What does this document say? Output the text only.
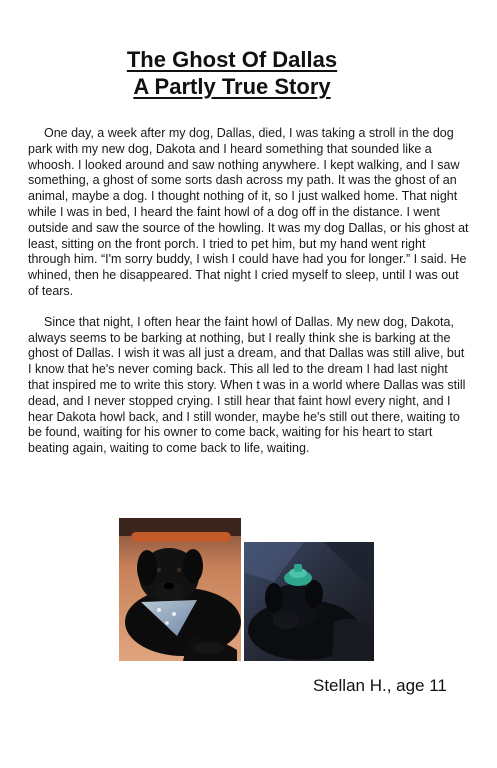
The Ghost Of Dallas
A Partly True Story

One day, a week after my dog, Dallas, died, I was taking a stroll in the dog park with my new dog, Dakota and I heard something that sounded like a whoosh. I looked around and saw nothing anywhere. I kept walking, and I saw something, a ghost of some sorts dash across my path. It was the ghost of an animal, maybe a dog. I thought nothing of it, so I just walked home. That night while I was in bed, I heard the faint howl of a dog off in the distance. I went outside and saw the source of the howling. It was my dog Dallas, or his ghost at least, sitting on the front porch. I tried to pet him, but my hand went right through him. “I'm sorry buddy, I wish I could have had you for longer.” I said. He whined, then he disappeared. That night I cried myself to sleep, until I was out of tears.

Since that night, I often hear the faint howl of Dallas. My new dog, Dakota, always seems to be barking at nothing, but I really think she is barking at the ghost of Dallas. I wish it was all just a dream, and that Dallas was still alive, but I know that he's never coming back. This all led to the dream I had last night that inspired me to write this story. When t was in a world where Dallas was still dead, and I never stopped crying. I still hear that faint howl every night, and I hear Dakota howl back, and I still wonder, maybe he's still out there, waiting to be found, waiting for his owner to come back, waiting for his heart to start beating again, waiting to come back to life, waiting.

Stellan H., age 11
